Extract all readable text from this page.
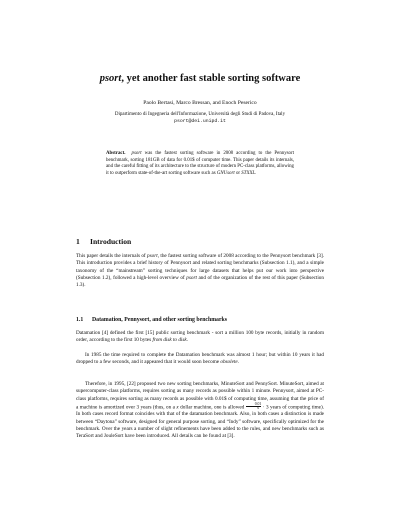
psort, yet another fast stable sorting software
Paolo Bertasi, Marco Bressan, and Enoch Peserico
Dipartimento di Ingegneria dell'Informazione, Università degli Studi di Padova, Italy
psort@dei.unipd.it
Abstract. psort was the fastest sorting software in 2008 according to the Pennysort benchmark, sorting 181GB of data for 0.01$ of computer time. This paper details its internals, and the careful fitting of its architecture to the structure of modern PC-class platforms, allowing it to outperform state-of-the-art sorting software such as GNUsort or STXXL.
1 Introduction
This paper details the internals of psort, the fastest sorting software of 2008 according to the Pennysort benchmark [3]. This introduction provides a brief history of Pennysort and related sorting benchmarks (Subsection 1.1), and a simple taxonomy of the “mainstream” sorting techniques for large datasets that helps put our work into perspective (Subsection 1.2), followed a high-level overview of psort and of the organization of the rest of this paper (Subsection 1.3).
1.1 Datamation, Pennysort, and other sorting benchmarks
Datamation [4] defined the first [15] public sorting benchmark - sort a million 100 byte records, initially in random order, according to the first 10 bytes from disk to disk.
In 1985 the time required to complete the Datamation benchmark was almost 1 hour; but within 10 years it had dropped to a few seconds, and it appeared that it would soon become obsolete.
Therefore, in 1995, [22] proposed two new sorting benchmarks, MinuteSort and PennySort. MinuteSort, aimed at supercomputer-class platforms, requires sorting as many records as possible within 1 minute. Pennysort, aimed at PC-class platforms, requires sorting as many records as possible with 0.01$ of computing time, assuming that the price of a machine is amortized over 3 years (thus, on a x dollar machine, one is allowed $\frac{0.01}{x} \cdot 3$ years of computing time). In both cases record format coincides with that of the datamation benchmark. Also, in both cases a distinction is made between “Daytona” software, designed for general purpose sorting, and “Indy” software, specifically optimized for the benchmark. Over the years a number of slight refinements have been added to the rules, and new benchmarks such as TeraSort and JouleSort have been introduced. All details can be found at [3].
